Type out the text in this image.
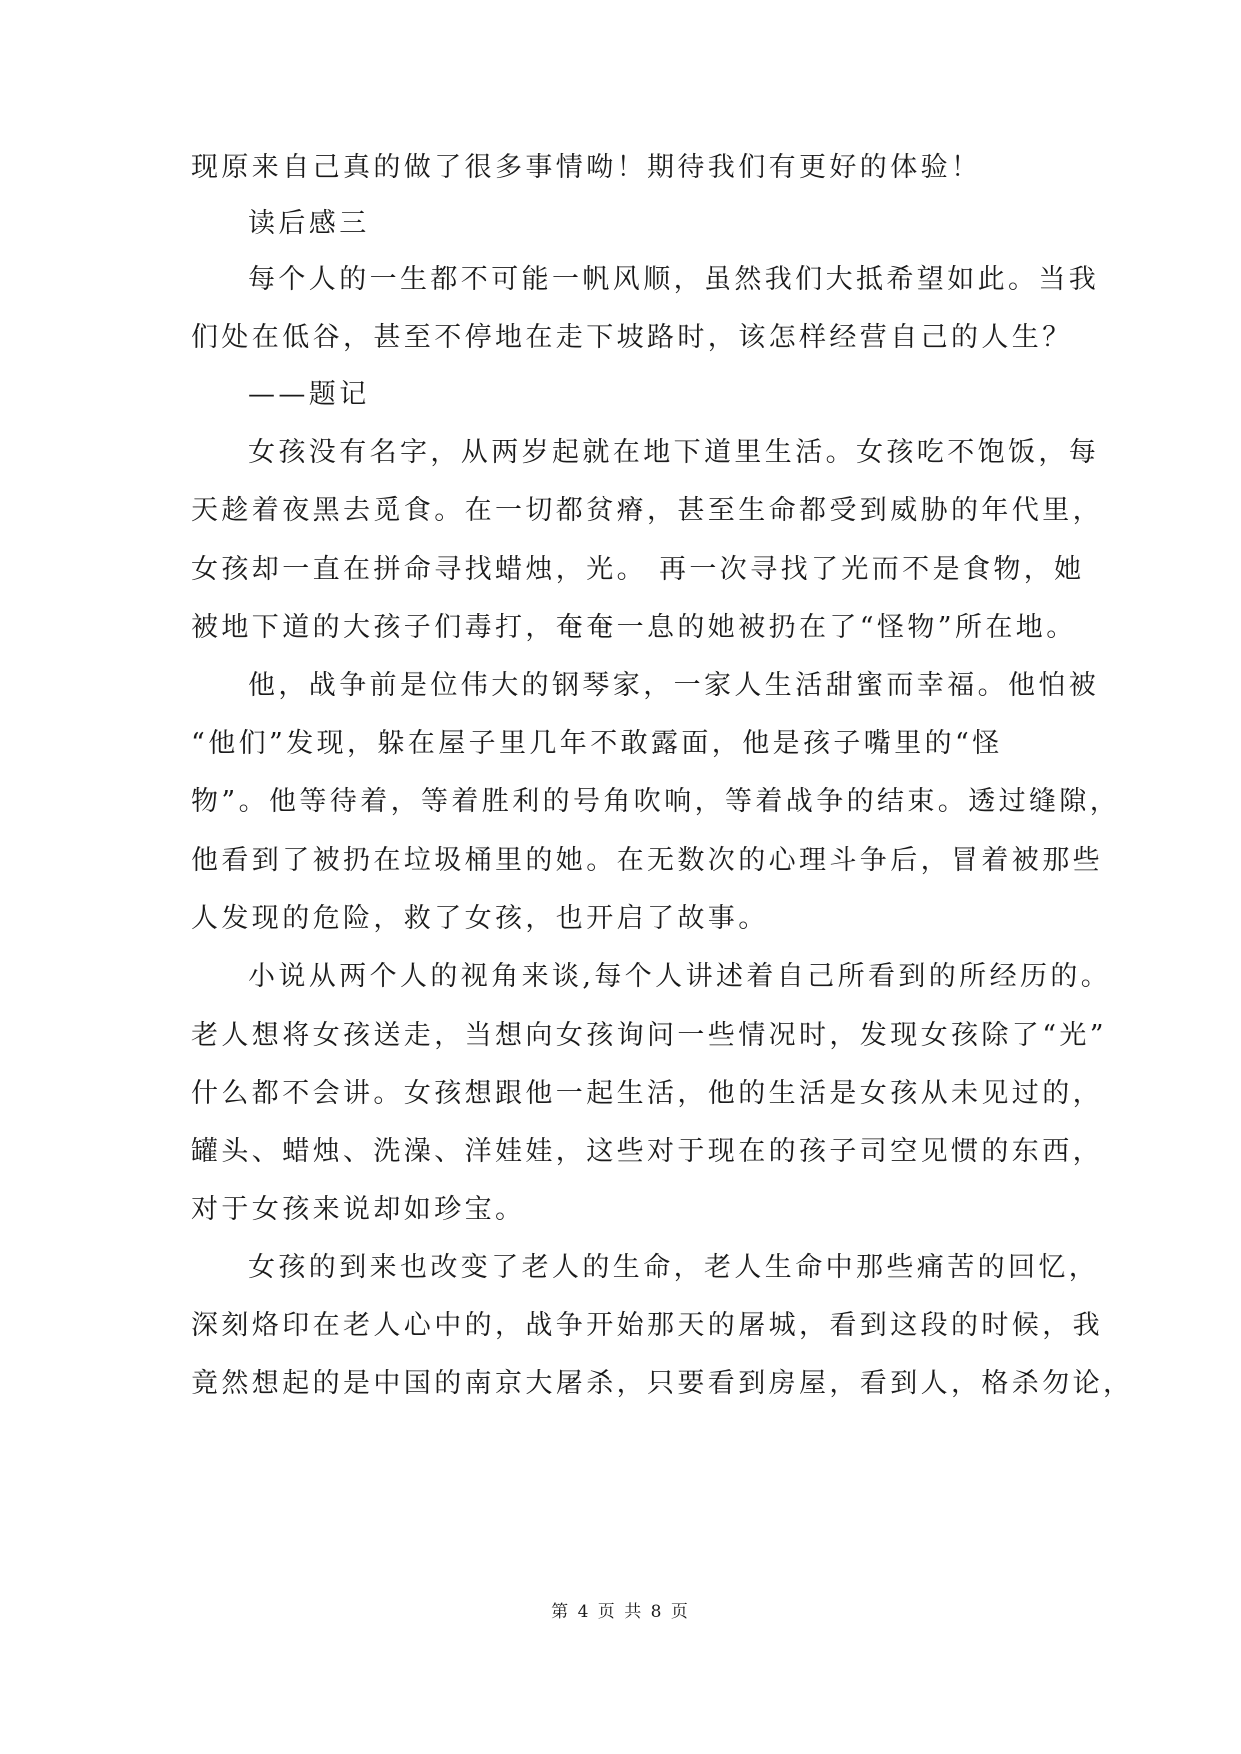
现原来自己真的做了很多事情呦！期待我们有更好的体验！
读后感三
每个人的一生都不可能一帆风顺，虽然我们大抵希望如此。当我
们处在低谷，甚至不停地在走下坡路时，该怎样经营自己的人生？
——题记
女孩没有名字，从两岁起就在地下道里生活。女孩吃不饱饭，每
天趁着夜黑去觅食。在一切都贫瘠，甚至生命都受到威胁的年代里，
女孩却一直在拼命寻找蜡烛，光。 再一次寻找了光而不是食物，她
被地下道的大孩子们毒打，奄奄一息的她被扔在了“怪物”所在地。
他，战争前是位伟大的钢琴家，一家人生活甜蜜而幸福。他怕被
“他们”发现，躲在屋子里几年不敢露面，他是孩子嘴里的“怪
物”。他等待着，等着胜利的号角吹响，等着战争的结束。透过缝隙，
他看到了被扔在垃圾桶里的她。在无数次的心理斗争后，冒着被那些
人发现的危险，救了女孩，也开启了故事。
小说从两个人的视角来谈,每个人讲述着自己所看到的所经历的。
老人想将女孩送走，当想向女孩询问一些情况时，发现女孩除了“光”
什么都不会讲。女孩想跟他一起生活，他的生活是女孩从未见过的，
罐头、蜡烛、洗澡、洋娃娃，这些对于现在的孩子司空见惯的东西，
对于女孩来说却如珍宝。
女孩的到来也改变了老人的生命，老人生命中那些痛苦的回忆，
深刻烙印在老人心中的，战争开始那天的屠城，看到这段的时候，我
竟然想起的是中国的南京大屠杀，只要看到房屋，看到人，格杀勿论，
第 4 页 共 8 页
